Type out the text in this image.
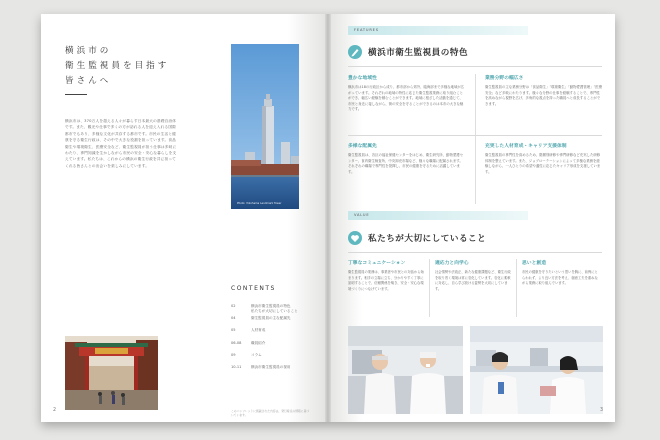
横浜市の
衛生監視員を目指す
皆さんへ
横浜市は、370万人を超える人々が暮らす日本最大の基礎自治体です。また、観光や仕事で多くの方が訪れる人を迎え入れる国際都市でもあり、多様な文化が共存する都市です。市民の生活と健康を守る衛生行政は、その中で大きな役割を担っています。食品衛生や環境衛生、医療安全など、衛生監視員が担う仕事は多岐にわたり、専門知識を生かしながら市民の安全・安心な暮らしを支えています。私たちは、これからの横浜の衛生行政を共に担ってくれる皆さんとの出会いを楽しみにしています。
Photo: Yokohama Landmark Tower
CONTENTS
02	横浜市衛生監視員の特色
私たちが大切にしていること
04	衛生監視員の主な配属先
05	人材育成
06-08	職員紹介
09	コラム
10-11	横浜市衛生監視員の採用
このパンフレットに掲載された内容は、発行時点の情報に基づいています。
2
FEATURES
横浜市衛生監視員の特色
豊かな地域性

横浜市は18の行政区から成り、都市部から郊外、臨海部まで多様な地域が広がっています。それぞれの地域の特性に応じた衛生監視業務に取り組むことができ、幅広い経験を積むことができます。地域に根ざした活動を通じて、市民と身近に接しながら、街の安全を守ることができるのは本市の大きな魅力です。

業務分野の幅広さ

衛生監視員の主な業務分野は「食品衛生」「環境衛生」「動物愛護管理」「医療安全」など多岐にわたります。様々な分野の仕事を経験することで、専門性を高めながら視野を広げ、多角的な視点を持った職員へと成長することができます。

多様な配属先

衛生監視員は、各区の福祉保健センターをはじめ、衛生研究所、動物愛護センター、食肉衛生検査所、中央卸売市場など、様々な職場に配属されます。それぞれの職場で専門性を発揮し、市民の健康を守るために活躍しています。

充実した人材育成・キャリア支援体制

衛生監視員の専門性を高めるため、階層別研修や専門研修など充実した研修体制を整えています。また、ジョブローテーションによって多様な業務を経験しながら、一人ひとりの希望や適性に応じたキャリア形成を支援しています。

VALUE
私たちが大切にしていること
丁寧なコミュニケーション

衛生監視員の業務は、事業者や市民との対話から始まります。相手の立場に立ち、分かりやすく丁寧に説明することで、信頼関係を築き、安全・安心な環境づくりにつなげています。

適応力と向学心

社会情勢や法改正、新たな健康課題など、衛生行政を取り巻く環境は常に変化しています。変化に柔軟に対応し、自ら学び続ける姿勢を大切にしています。

思いと創造

市民の健康を守りたいという思いを胸に、前例にとらわれず、より良い方法を考え、創意工夫を重ねながら業務に取り組んでいます。

3
